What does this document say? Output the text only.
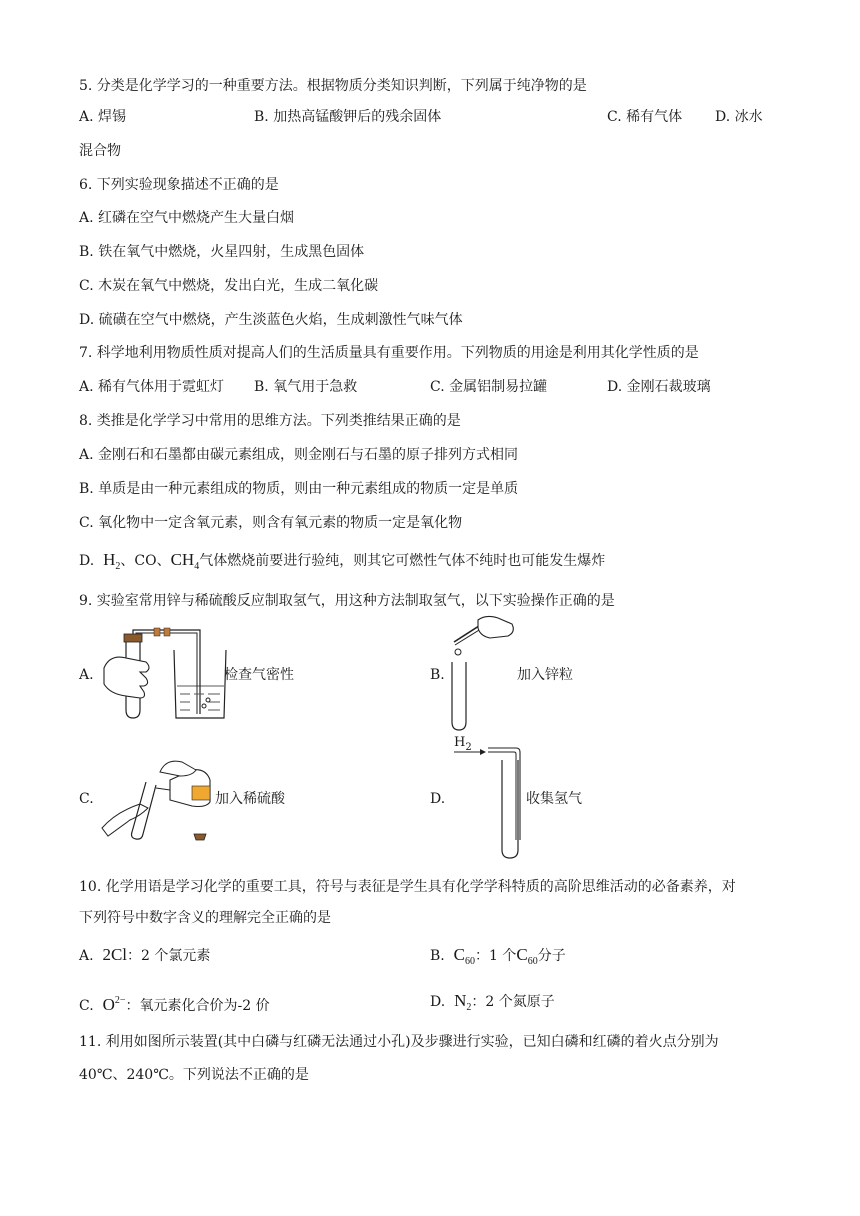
5. 分类是化学学习的一种重要方法。根据物质分类知识判断，下列属于纯净物的是
A. 焊锡	B. 加热高锰酸钾后的残余固体	C. 稀有气体 D. 冰水
混合物
6. 下列实验现象描述不正确的是
A. 红磷在空气中燃烧产生大量白烟
B. 铁在氧气中燃烧，火星四射，生成黑色固体
C. 木炭在氧气中燃烧，发出白光，生成二氧化碳
D. 硫磺在空气中燃烧，产生淡蓝色火焰，生成刺激性气味气体
7. 科学地利用物质性质对提高人们的生活质量具有重要作用。下列物质的用途是利用其化学性质的是
A. 稀有气体用于霓虹灯 B. 氧气用于急救	C. 金属铝制易拉罐	D. 金刚石裁玻璃
8. 类推是化学学习中常用的思维方法。下列类推结果正确的是
A. 金刚石和石墨都由碳元素组成，则金刚石与石墨的原子排列方式相同
B. 单质是由一种元素组成的物质，则由一种元素组成的物质一定是单质
C. 氧化物中一定含氧元素，则含有氧元素的物质一定是氧化物
D. $H_2$、CO、$CH_4$气体燃烧前要进行验纯，则其它可燃性气体不纯时也可能发生爆炸
9. 实验室常用锌与稀硫酸反应制取氢气，用这种方法制取氢气，以下实验操作正确的是
A.	检查气密性	B.	加入锌粒
C.	加入稀硫酸	D.
$H_2$
收集氢气
10. 化学用语是学习化学的重要工具，符号与表征是学生具有化学学科特质的高阶思维活动的必备素养，对
下列符号中数字含义的理解完全正确的是
A. 2Cl：2 个氯元素	B. $C_{60}$：1 个$C_{60}$分子
C. $O^{2-}$：氧元素化合价为-2 价	D. $N_2$：2 个氮原子
11. 利用如图所示装置(其中白磷与红磷无法通过小孔)及步骤进行实验，已知白磷和红磷的着火点分别为
40℃、240℃。下列说法不正确的是
